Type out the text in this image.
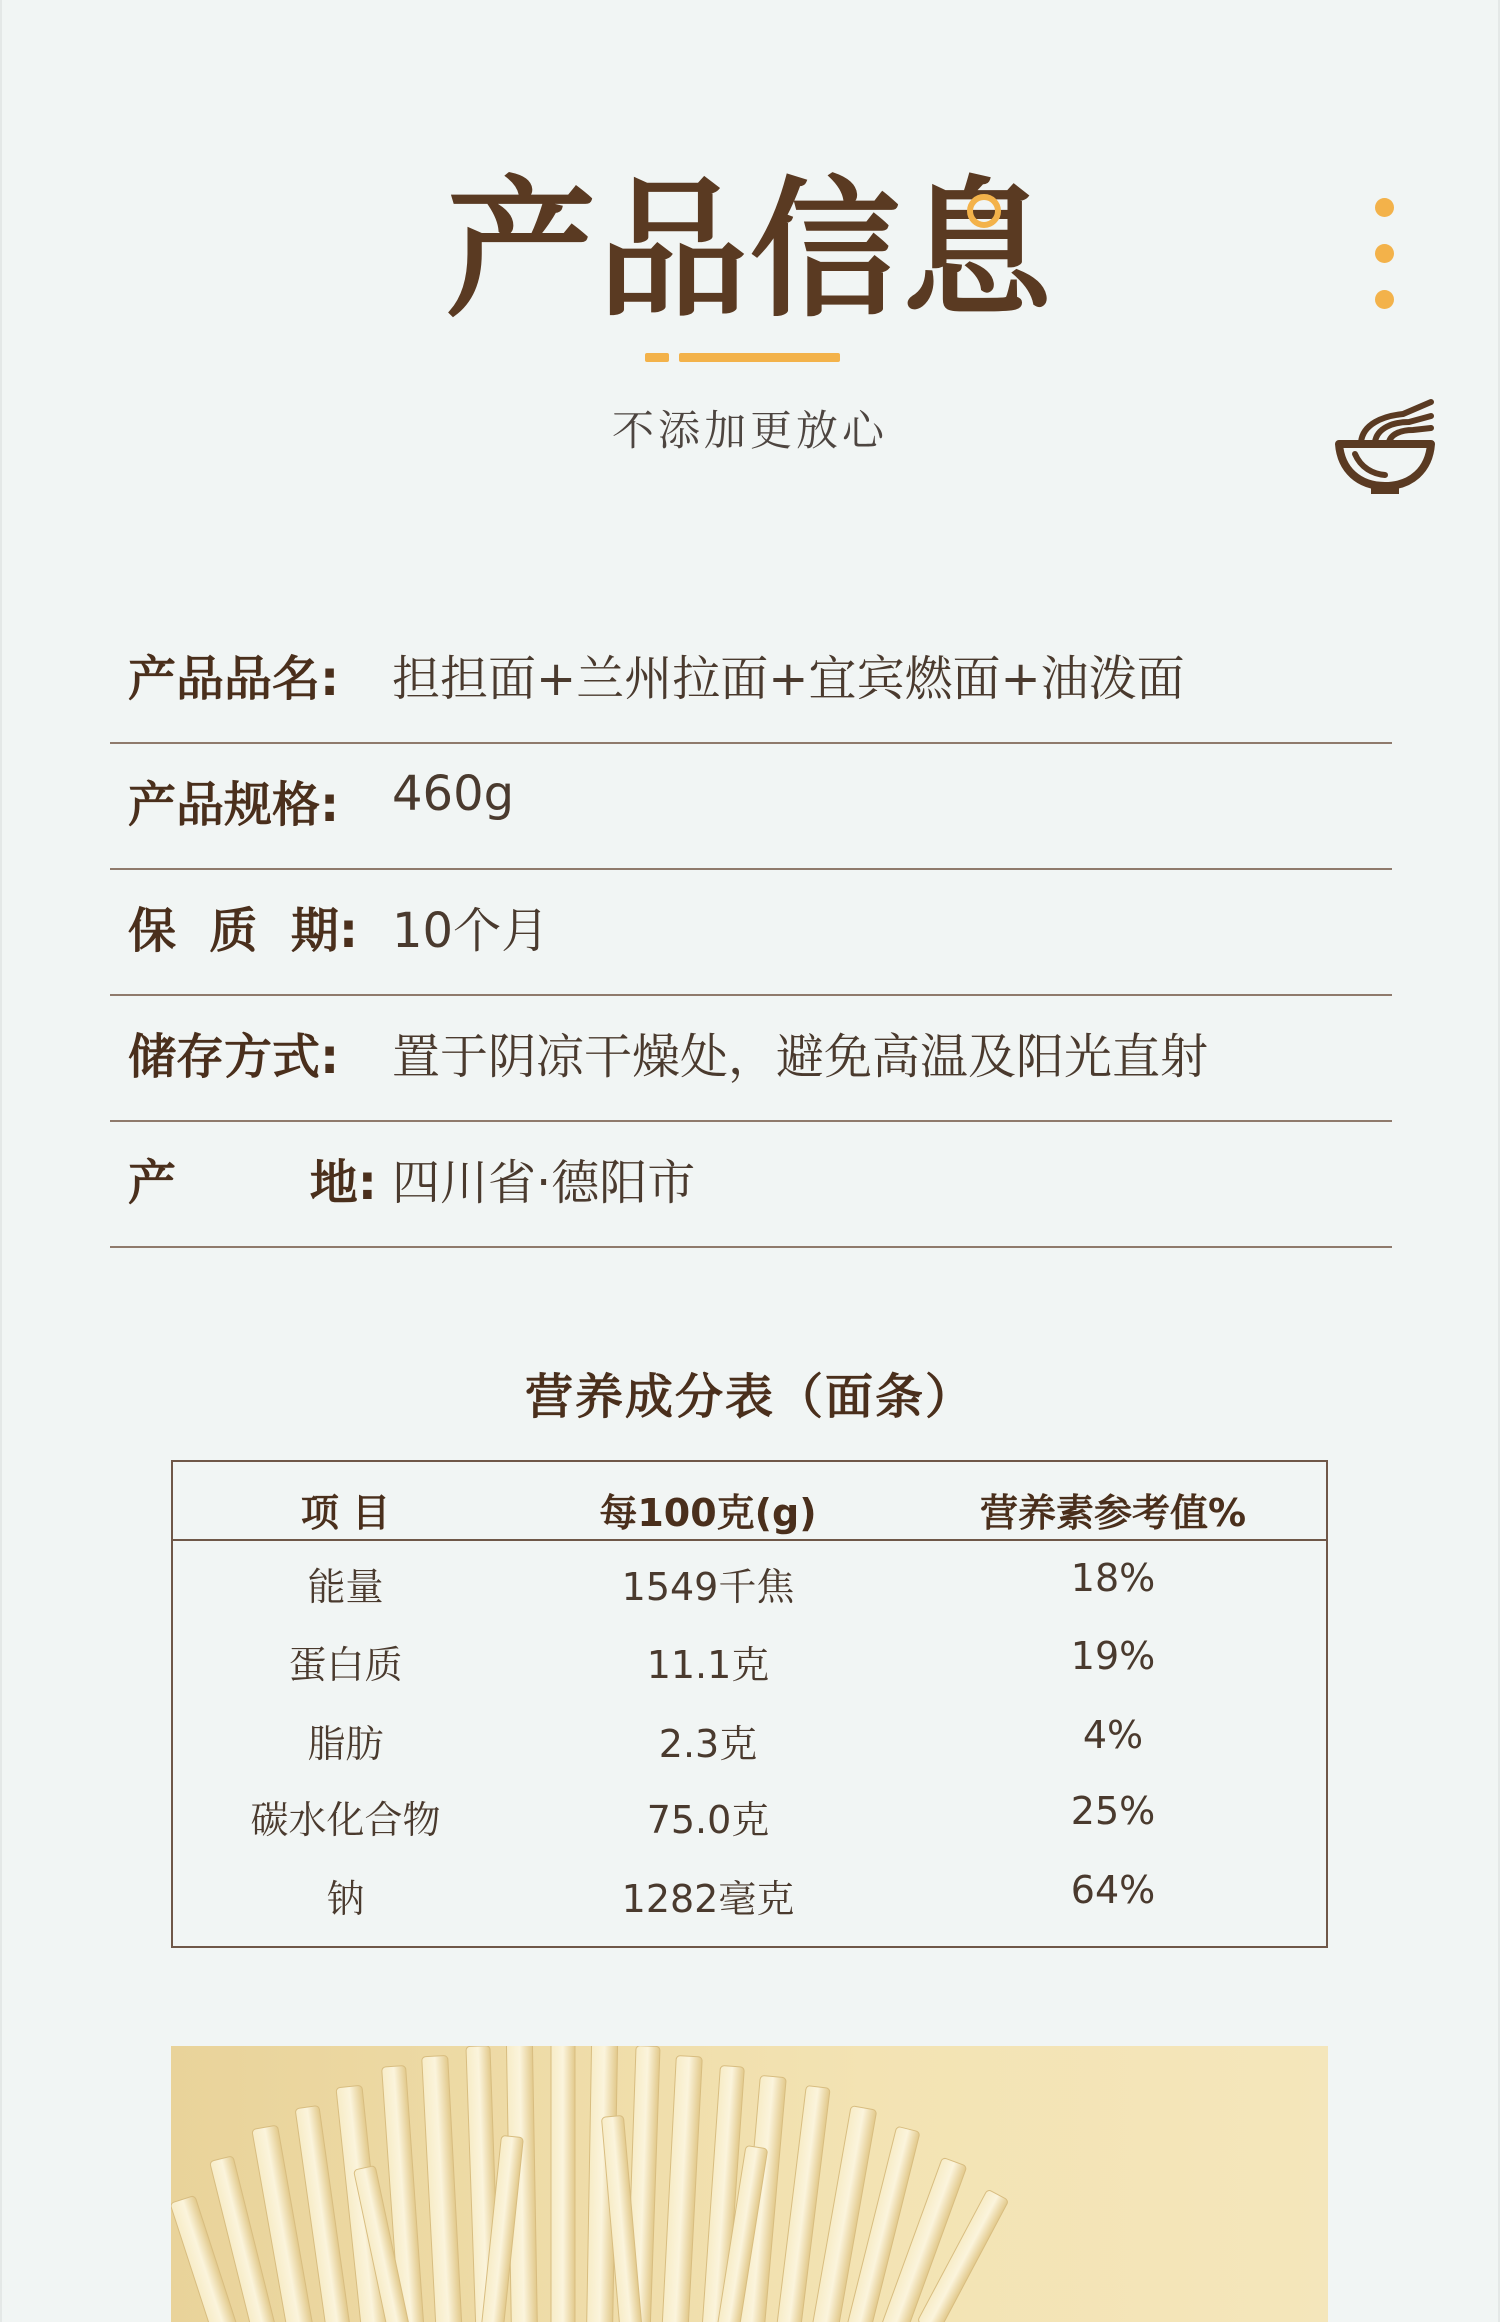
产品信息
不添加更放心
产品品名: 担担面+兰州拉面+宜宾燃面+油泼面
产品规格: 460g
保  质  期: 10个月
储存方式: 置于阴凉干燥处，避免高温及阳光直射
产        地: 四川省·德阳市
营养成分表（面条）
项 目	每100克(g)	营养素参考值%
能量	1549千焦	18%
蛋白质	11.1克	19%
脂肪	2.3克	4%
碳水化合物	75.0克	25%
钠	1282毫克	64%
